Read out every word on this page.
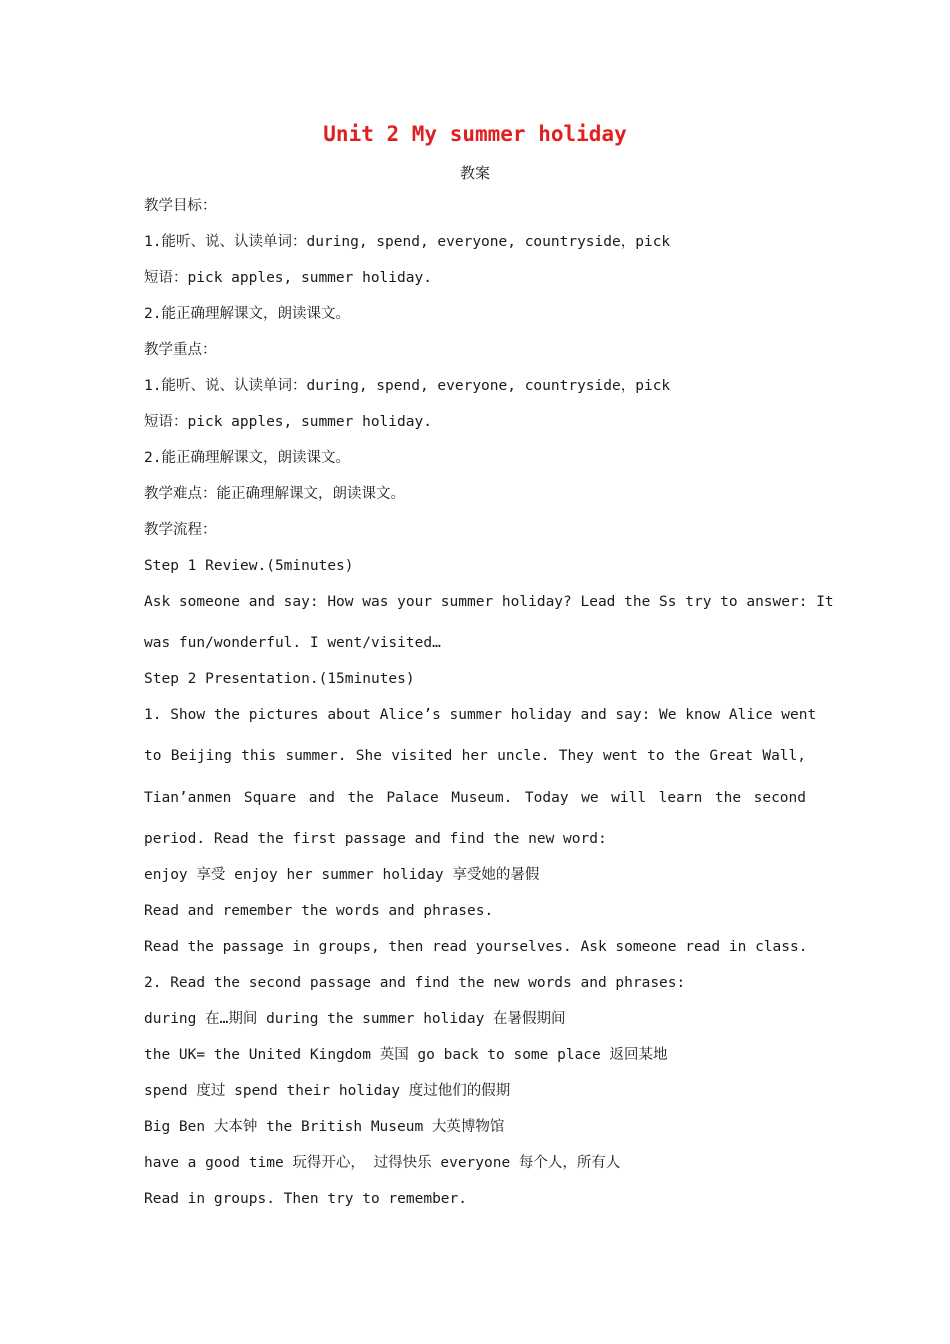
Unit 2 My summer holiday
教案
教学目标：
1.能听、说、认读单词：during, spend, everyone, countryside，pick
短语：pick apples, summer holiday.
2.能正确理解课文，朗读课文。
教学重点：
1.能听、说、认读单词：during, spend, everyone, countryside，pick
短语：pick apples, summer holiday.
2.能正确理解课文，朗读课文。
教学难点：能正确理解课文，朗读课文。
教学流程：
Step 1 Review.(5minutes)
Ask someone and say: How was your summer holiday? Lead the Ss try to answer: It
was fun/wonderful. I went/visited…
Step 2 Presentation.(15minutes)
1. Show the pictures about Alice’s summer holiday and say: We know Alice went
to Beijing this summer. She visited her uncle. They went to the Great Wall,
Tian’anmen Square and the Palace Museum. Today we will learn the second
period. Read the first passage and find the new word:
enjoy 享受 enjoy her summer holiday 享受她的暑假
Read and remember the words and phrases.
Read the passage in groups, then read yourselves. Ask someone read in class.
2. Read the second passage and find the new words and phrases:
during 在…期间 during the summer holiday 在暑假期间
the UK= the United Kingdom 英国 go back to some place 返回某地
spend 度过 spend their holiday 度过他们的假期
Big Ben 大本钟 the British Museum 大英博物馆
have a good time 玩得开心， 过得快乐 everyone 每个人，所有人
Read in groups. Then try to remember.
